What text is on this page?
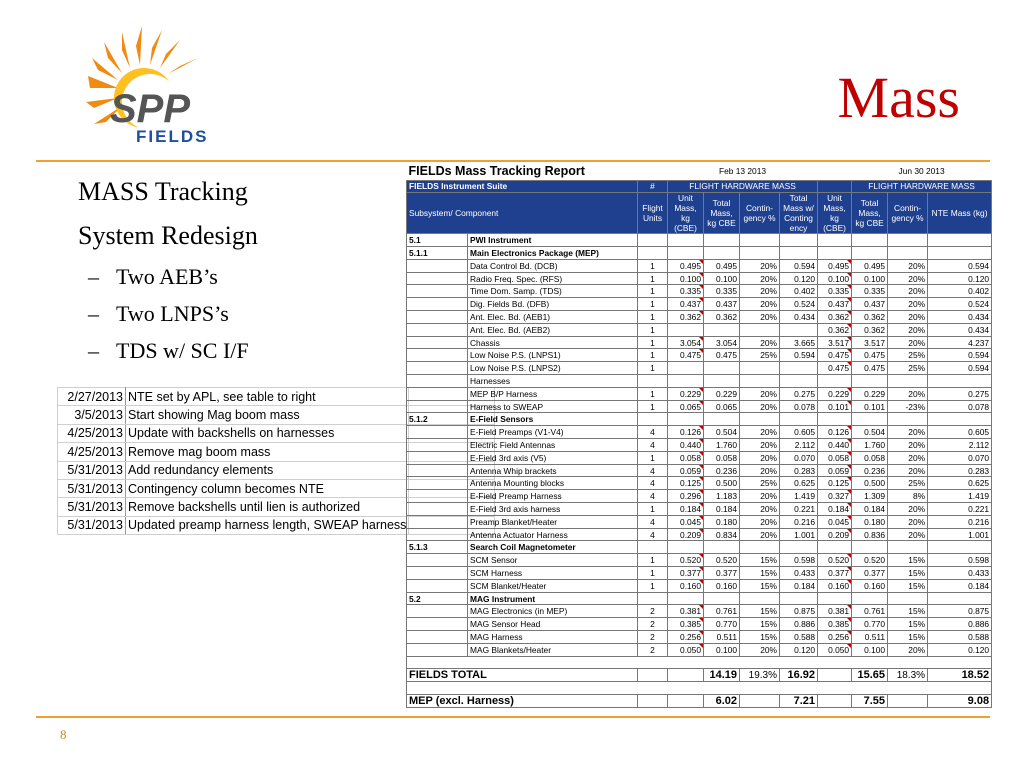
SPP
FIELDS
Mass
MASS Tracking
System Redesign
– Two AEB’s
– Two LNPS’s
– TDS w/ SC I/F
2/27/2013	NTE set by APL, see table to right	
3/5/2013	Start showing Mag boom mass	
4/25/2013	Update with backshells on harnesses	
4/25/2013	Remove mag boom mass	
5/31/2013	Add redundancy elements	
5/31/2013	Contingency column becomes NTE	
5/31/2013	Remove backshells until lien is authorized	
5/31/2013	Updated preamp harness length, SWEAP harness	
FIELDs Mass Tracking Report			Feb 13 2013					Jun 30 2013		
FIELDS Instrument Suite		#	FLIGHT HARDWARE MASS					FLIGHT HARDWARE MASS		
Subsystem/ Component		Flight Units	Unit Mass, kg (CBE)	Total Mass, kg CBE	Contin- gency %	Total Mass w/ Conting ency	Unit Mass, kg (CBE)	Total Mass, kg CBE	Contin- gency %	NTE Mass (kg)
5.1	PWI Instrument									
5.1.1	Main Electronics Package (MEP)									
	Data Control Bd. (DCB)	1	0.495	0.495	20%	0.594	0.495	0.495	20%	0.594
	Radio Freq. Spec. (RFS)	1	0.100	0.100	20%	0.120	0.100	0.100	20%	0.120
	Time Dom. Samp. (TDS)	1	0.335	0.335	20%	0.402	0.335	0.335	20%	0.402
	Dig. Fields Bd. (DFB)	1	0.437	0.437	20%	0.524	0.437	0.437	20%	0.524
	Ant. Elec. Bd. (AEB1)	1	0.362	0.362	20%	0.434	0.362	0.362	20%	0.434
	Ant. Elec. Bd. (AEB2)	1					0.362	0.362	20%	0.434
	Chassis	1	3.054	3.054	20%	3.665	3.517	3.517	20%	4.237
	Low Noise P.S. (LNPS1)	1	0.475	0.475	25%	0.594	0.475	0.475	25%	0.594
	Low Noise P.S. (LNPS2)	1					0.475	0.475	25%	0.594
	Harnesses									
	MEP B/P Harness	1	0.229	0.229	20%	0.275	0.229	0.229	20%	0.275
	Harness to SWEAP	1	0.065	0.065	20%	0.078	0.101	0.101	-23%	0.078
5.1.2	E-Field Sensors									
	E-Field Preamps (V1-V4)	4	0.126	0.504	20%	0.605	0.126	0.504	20%	0.605
	Electric Field Antennas	4	0.440	1.760	20%	2.112	0.440	1.760	20%	2.112
	E-Field 3rd axis (V5)	1	0.058	0.058	20%	0.070	0.058	0.058	20%	0.070
	Antenna Whip brackets	4	0.059	0.236	20%	0.283	0.059	0.236	20%	0.283
	Antenna Mounting blocks	4	0.125	0.500	25%	0.625	0.125	0.500	25%	0.625
	E-Field Preamp Harness	4	0.296	1.183	20%	1.419	0.327	1.309	8%	1.419
	E-Field 3rd axis harness	1	0.184	0.184	20%	0.221	0.184	0.184	20%	0.221
	Preamp Blanket/Heater	4	0.045	0.180	20%	0.216	0.045	0.180	20%	0.216
	Antenna Actuator Harness	4	0.209	0.834	20%	1.001	0.209	0.836	20%	1.001
5.1.3	Search Coil Magnetometer									
	SCM Sensor	1	0.520	0.520	15%	0.598	0.520	0.520	15%	0.598
	SCM Harness	1	0.377	0.377	15%	0.433	0.377	0.377	15%	0.433
	SCM Blanket/Heater	1	0.160	0.160	15%	0.184	0.160	0.160	15%	0.184
5.2	MAG Instrument									
	MAG Electronics (in MEP)	2	0.381	0.761	15%	0.875	0.381	0.761	15%	0.875
	MAG Sensor Head	2	0.385	0.770	15%	0.886	0.385	0.770	15%	0.886
	MAG Harness	2	0.256	0.511	15%	0.588	0.256	0.511	15%	0.588
	MAG Blankets/Heater	2	0.050	0.100	20%	0.120	0.050	0.100	20%	0.120

FIELDS TOTAL				14.19	19.3%	16.92		15.65	18.3%	18.52

MEP (excl. Harness)				6.02		7.21		7.55		9.08
8
